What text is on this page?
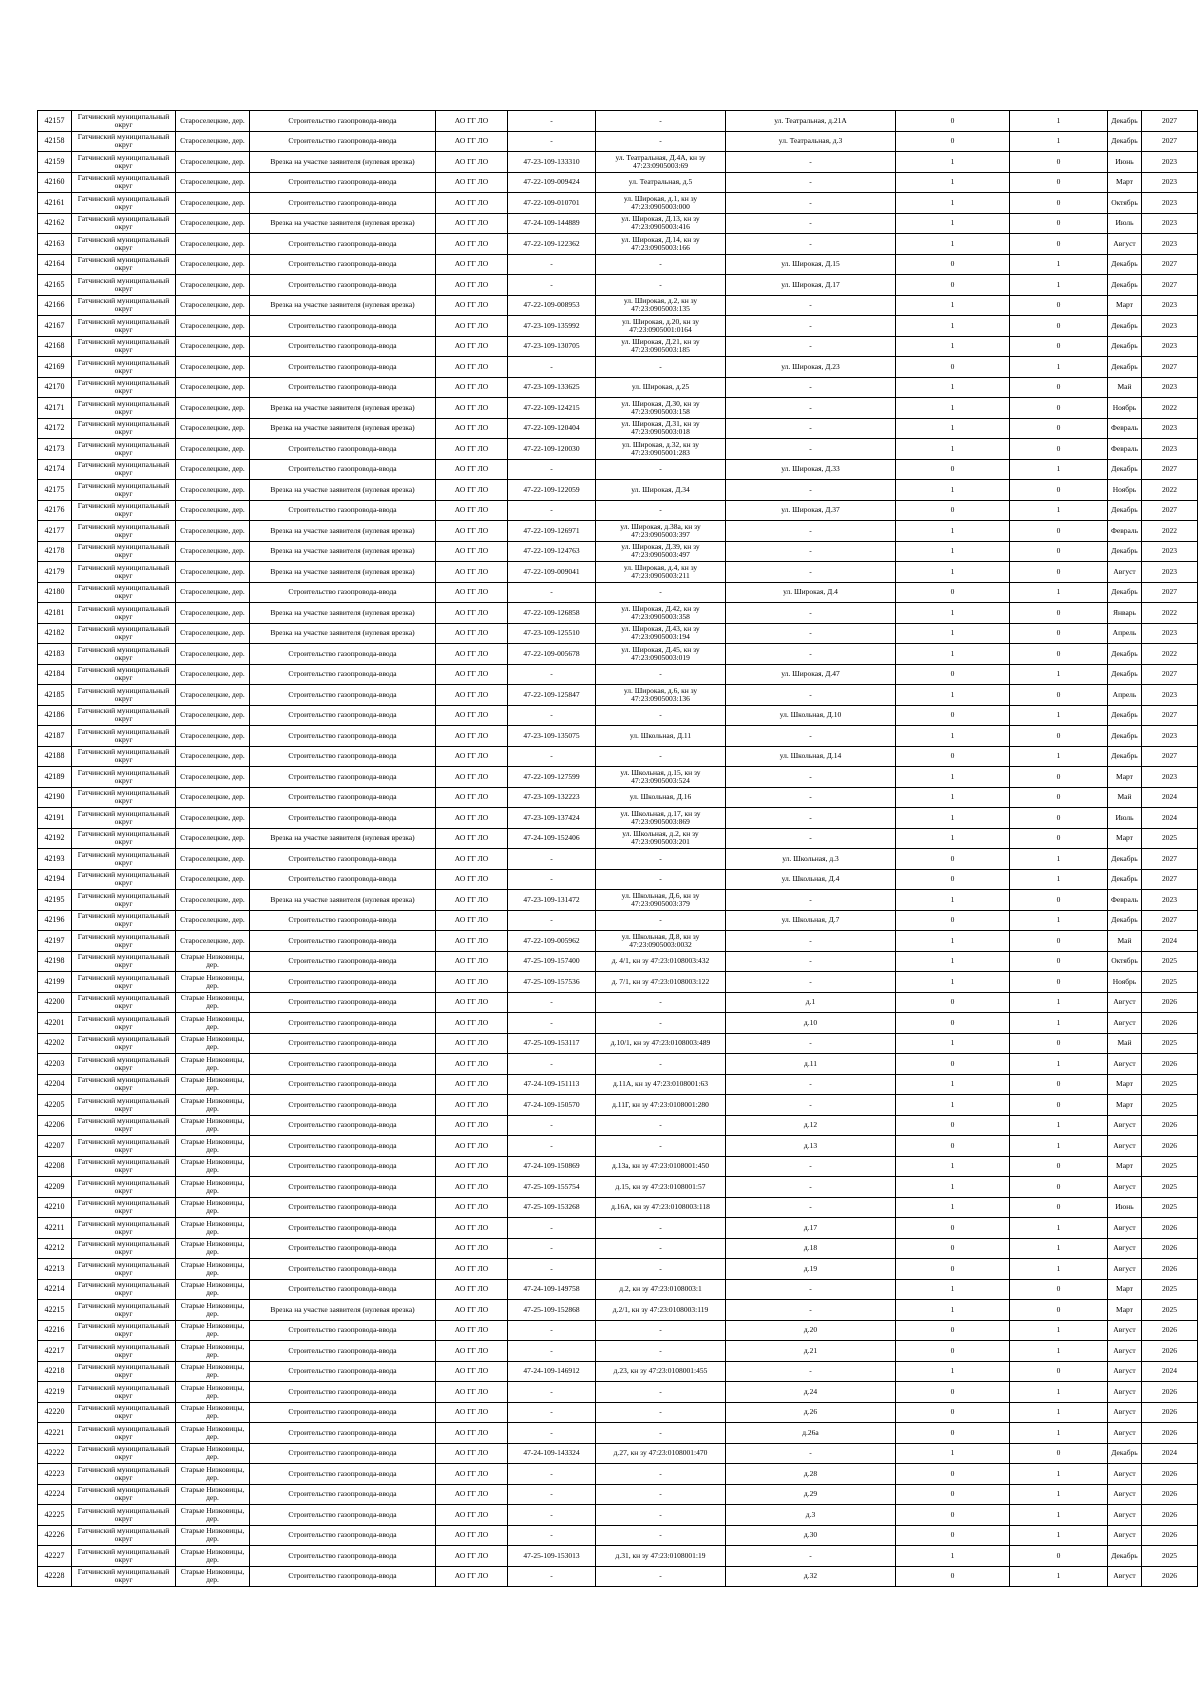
42157	Гатчинский муниципальный округ	Староселецкие, дер.	Строительство газопровода-ввода	АО ГГ ЛО	-	-	ул. Театральная, д.21А	0	1	Декабрь	2027
42158	Гатчинский муниципальный округ	Староселецкие, дер.	Строительство газопровода-ввода	АО ГГ ЛО	-	-	ул. Театральная, д.3	0	1	Декабрь	2027
42159	Гатчинский муниципальный округ	Староселецкие, дер.	Врезка на участке заявителя (нулевая врезка)	АО ГГ ЛО	47-23-109-133310	ул. Театральная, Д.4А, кн зу 47:23:0905003:69	-	1	0	Июнь	2023
42160	Гатчинский муниципальный округ	Староселецкие, дер.	Строительство газопровода-ввода	АО ГГ ЛО	47-22-109-009424	ул. Театральная, д.5	-	1	0	Март	2023
42161	Гатчинский муниципальный округ	Староселецкие, дер.	Строительство газопровода-ввода	АО ГГ ЛО	47-22-109-010701	ул. Широкая, д.1, кн зу 47:23:0905003:000	-	1	0	Октябрь	2023
42162	Гатчинский муниципальный округ	Староселецкие, дер.	Врезка на участке заявителя (нулевая врезка)	АО ГГ ЛО	47-24-109-144889	ул. Широкая, Д.13, кн зу 47:23:0905003:416	-	1	0	Июль	2023
42163	Гатчинский муниципальный округ	Староселецкие, дер.	Строительство газопровода-ввода	АО ГГ ЛО	47-22-109-122362	ул. Широкая, Д.14, кн зу 47:23:0905003:166	-	1	0	Август	2023
42164	Гатчинский муниципальный округ	Староселецкие, дер.	Строительство газопровода-ввода	АО ГГ ЛО	-	-	ул. Широкая, Д.15	0	1	Декабрь	2027
42165	Гатчинский муниципальный округ	Староселецкие, дер.	Строительство газопровода-ввода	АО ГГ ЛО	-	-	ул. Широкая, Д.17	0	1	Декабрь	2027
42166	Гатчинский муниципальный округ	Староселецкие, дер.	Врезка на участке заявителя (нулевая врезка)	АО ГГ ЛО	47-22-109-008953	ул. Широкая, д.2, кн зу 47:23:0905003:135	-	1	0	Март	2023
42167	Гатчинский муниципальный округ	Староселецкие, дер.	Строительство газопровода-ввода	АО ГГ ЛО	47-23-109-135992	ул. Широкая, д.20, кн зу 47:23:0905001:0164	-	1	0	Декабрь	2023
42168	Гатчинский муниципальный округ	Староселецкие, дер.	Строительство газопровода-ввода	АО ГГ ЛО	47-23-109-130705	ул. Широкая, Д.21, кн зу 47:23:0905003:185	-	1	0	Декабрь	2023
42169	Гатчинский муниципальный округ	Староселецкие, дер.	Строительство газопровода-ввода	АО ГГ ЛО	-	-	ул. Широкая, Д.23	0	1	Декабрь	2027
42170	Гатчинский муниципальный округ	Староселецкие, дер.	Строительство газопровода-ввода	АО ГГ ЛО	47-23-109-133625	ул. Широкая, д.25	-	1	0	Май	2023
42171	Гатчинский муниципальный округ	Староселецкие, дер.	Врезка на участке заявителя (нулевая врезка)	АО ГГ ЛО	47-22-109-124215	ул. Широкая, Д.30, кн зу 47:23:0905003:158	-	1	0	Ноябрь	2022
42172	Гатчинский муниципальный округ	Староселецкие, дер.	Врезка на участке заявителя (нулевая врезка)	АО ГГ ЛО	47-22-109-120404	ул. Широкая, Д.31, кн зу 47:23:0905003:018	-	1	0	Февраль	2023
42173	Гатчинский муниципальный округ	Староселецкие, дер.	Строительство газопровода-ввода	АО ГГ ЛО	47-22-109-120030	ул. Широкая, д.32, кн зу 47:23:0905001:283	-	1	0	Февраль	2023
42174	Гатчинский муниципальный округ	Староселецкие, дер.	Строительство газопровода-ввода	АО ГГ ЛО	-	-	ул. Широкая, Д.33	0	1	Декабрь	2027
42175	Гатчинский муниципальный округ	Староселецкие, дер.	Врезка на участке заявителя (нулевая врезка)	АО ГГ ЛО	47-22-109-122059	ул. Широкая, Д.34	-	1	0	Ноябрь	2022
42176	Гатчинский муниципальный округ	Староселецкие, дер.	Строительство газопровода-ввода	АО ГГ ЛО	-	-	ул. Широкая, Д.37	0	1	Декабрь	2027
42177	Гатчинский муниципальный округ	Староселецкие, дер.	Врезка на участке заявителя (нулевая врезка)	АО ГГ ЛО	47-22-109-126971	ул. Широкая, д.38а, кн зу 47:23:0905003:397	-	1	0	Февраль	2022
42178	Гатчинский муниципальный округ	Староселецкие, дер.	Врезка на участке заявителя (нулевая врезка)	АО ГГ ЛО	47-22-109-124763	ул. Широкая, Д.39, кн зу 47:23:0905003:497	-	1	0	Декабрь	2023
42179	Гатчинский муниципальный округ	Староселецкие, дер.	Врезка на участке заявителя (нулевая врезка)	АО ГГ ЛО	47-22-109-009041	ул. Широкая, д.4, кн зу 47:23:0905003:211	-	1	0	Август	2023
42180	Гатчинский муниципальный округ	Староселецкие, дер.	Строительство газопровода-ввода	АО ГГ ЛО	-	-	ул. Широкая, Д.4	0	1	Декабрь	2027
42181	Гатчинский муниципальный округ	Староселецкие, дер.	Врезка на участке заявителя (нулевая врезка)	АО ГГ ЛО	47-22-109-126858	ул. Широкая, Д.42, кн зу 47:23:0905003:358	-	1	0	Январь	2022
42182	Гатчинский муниципальный округ	Староселецкие, дер.	Врезка на участке заявителя (нулевая врезка)	АО ГГ ЛО	47-23-109-125510	ул. Широкая, Д.43, кн зу 47:23:0905003:194	-	1	0	Апрель	2023
42183	Гатчинский муниципальный округ	Староселецкие, дер.	Строительство газопровода-ввода	АО ГГ ЛО	47-22-109-005678	ул. Широкая, Д.45, кн зу 47:23:0905003:019	-	1	0	Декабрь	2022
42184	Гатчинский муниципальный округ	Староселецкие, дер.	Строительство газопровода-ввода	АО ГГ ЛО	-	-	ул. Широкая, Д.47	0	1	Декабрь	2027
42185	Гатчинский муниципальный округ	Староселецкие, дер.	Строительство газопровода-ввода	АО ГГ ЛО	47-22-109-125847	ул. Широкая, д.6, кн зу 47:23:0905003:136	-	1	0	Апрель	2023
42186	Гатчинский муниципальный округ	Староселецкие, дер.	Строительство газопровода-ввода	АО ГГ ЛО	-	-	ул. Школьная, Д.10	0	1	Декабрь	2027
42187	Гатчинский муниципальный округ	Староселецкие, дер.	Строительство газопровода-ввода	АО ГГ ЛО	47-23-109-135075	ул. Школьная, Д.11	-	1	0	Декабрь	2023
42188	Гатчинский муниципальный округ	Староселецкие, дер.	Строительство газопровода-ввода	АО ГГ ЛО	-	-	ул. Школьная, Д.14	0	1	Декабрь	2027
42189	Гатчинский муниципальный округ	Староселецкие, дер.	Строительство газопровода-ввода	АО ГГ ЛО	47-22-109-127599	ул. Школьная, д.15, кн зу 47:23:0905003:524	-	1	0	Март	2023
42190	Гатчинский муниципальный округ	Староселецкие, дер.	Строительство газопровода-ввода	АО ГГ ЛО	47-23-109-132223	ул. Школьная, Д.16	-	1	0	Май	2024
42191	Гатчинский муниципальный округ	Староселецкие, дер.	Строительство газопровода-ввода	АО ГГ ЛО	47-23-109-137424	ул. Школьная, д.17, кн зу 47:23:0905003:869	-	1	0	Июль	2024
42192	Гатчинский муниципальный округ	Староселецкие, дер.	Врезка на участке заявителя (нулевая врезка)	АО ГГ ЛО	47-24-109-152406	ул. Школьная, д.2, кн зу 47:23:0905003:201	-	1	0	Март	2025
42193	Гатчинский муниципальный округ	Староселецкие, дер.	Строительство газопровода-ввода	АО ГГ ЛО	-	-	ул. Школьная, д.3	0	1	Декабрь	2027
42194	Гатчинский муниципальный округ	Староселецкие, дер.	Строительство газопровода-ввода	АО ГГ ЛО	-	-	ул. Школьная, Д.4	0	1	Декабрь	2027
42195	Гатчинский муниципальный округ	Староселецкие, дер.	Врезка на участке заявителя (нулевая врезка)	АО ГГ ЛО	47-23-109-131472	ул. Школьная, Д.6, кн зу 47:23:0905003:379	-	1	0	Февраль	2023
42196	Гатчинский муниципальный округ	Староселецкие, дер.	Строительство газопровода-ввода	АО ГГ ЛО	-	-	ул. Школьная, Д.7	0	1	Декабрь	2027
42197	Гатчинский муниципальный округ	Староселецкие, дер.	Строительство газопровода-ввода	АО ГГ ЛО	47-22-109-005962	ул. Школьная, Д.8, кн зу 47:23:0905003:0032	-	1	0	Май	2024
42198	Гатчинский муниципальный округ	Старые Низковицы, дер.	Строительство газопровода-ввода	АО ГГ ЛО	47-25-109-157400	д. 4/1, кн зу 47:23:0108003:432	-	1	0	Октябрь	2025
42199	Гатчинский муниципальный округ	Старые Низковицы, дер.	Строительство газопровода-ввода	АО ГГ ЛО	47-25-109-157536	д. 7/1, кн зу 47:23:0108003:122	-	1	0	Ноябрь	2025
42200	Гатчинский муниципальный округ	Старые Низковицы, дер.	Строительство газопровода-ввода	АО ГГ ЛО	-	-	д.1	0	1	Август	2026
42201	Гатчинский муниципальный округ	Старые Низковицы, дер.	Строительство газопровода-ввода	АО ГГ ЛО	-	-	д.10	0	1	Август	2026
42202	Гатчинский муниципальный округ	Старые Низковицы, дер.	Строительство газопровода-ввода	АО ГГ ЛО	47-25-109-153117	д.10/1, кн зу 47:23:0108003:489	-	1	0	Май	2025
42203	Гатчинский муниципальный округ	Старые Низковицы, дер.	Строительство газопровода-ввода	АО ГГ ЛО	-	-	д.11	0	1	Август	2026
42204	Гатчинский муниципальный округ	Старые Низковицы, дер.	Строительство газопровода-ввода	АО ГГ ЛО	47-24-109-151113	д.11А, кн зу 47:23:0108001:63	-	1	0	Март	2025
42205	Гатчинский муниципальный округ	Старые Низковицы, дер.	Строительство газопровода-ввода	АО ГГ ЛО	47-24-109-150570	д.11Г, кн зу 47:23:0108001:280	-	1	0	Март	2025
42206	Гатчинский муниципальный округ	Старые Низковицы, дер.	Строительство газопровода-ввода	АО ГГ ЛО	-	-	д.12	0	1	Август	2026
42207	Гатчинский муниципальный округ	Старые Низковицы, дер.	Строительство газопровода-ввода	АО ГГ ЛО	-	-	д.13	0	1	Август	2026
42208	Гатчинский муниципальный округ	Старые Низковицы, дер.	Строительство газопровода-ввода	АО ГГ ЛО	47-24-109-150869	д.13а, кн зу 47:23:0108001:450	-	1	0	Март	2025
42209	Гатчинский муниципальный округ	Старые Низковицы, дер.	Строительство газопровода-ввода	АО ГГ ЛО	47-25-109-155754	д.15, кн зу 47:23:0108001:57	-	1	0	Август	2025
42210	Гатчинский муниципальный округ	Старые Низковицы, дер.	Строительство газопровода-ввода	АО ГГ ЛО	47-25-109-153268	д.16А, кн зу 47:23:0108003:118	-	1	0	Июнь	2025
42211	Гатчинский муниципальный округ	Старые Низковицы, дер.	Строительство газопровода-ввода	АО ГГ ЛО	-	-	д.17	0	1	Август	2026
42212	Гатчинский муниципальный округ	Старые Низковицы, дер.	Строительство газопровода-ввода	АО ГГ ЛО	-	-	д.18	0	1	Август	2026
42213	Гатчинский муниципальный округ	Старые Низковицы, дер.	Строительство газопровода-ввода	АО ГГ ЛО	-	-	д.19	0	1	Август	2026
42214	Гатчинский муниципальный округ	Старые Низковицы, дер.	Строительство газопровода-ввода	АО ГГ ЛО	47-24-109-149758	д.2, кн зу 47:23:0108003:1	-	1	0	Март	2025
42215	Гатчинский муниципальный округ	Старые Низковицы, дер.	Врезка на участке заявителя (нулевая врезка)	АО ГГ ЛО	47-25-109-152868	д.2/1, кн зу 47:23:0108003:119	-	1	0	Март	2025
42216	Гатчинский муниципальный округ	Старые Низковицы, дер.	Строительство газопровода-ввода	АО ГГ ЛО	-	-	д.20	0	1	Август	2026
42217	Гатчинский муниципальный округ	Старые Низковицы, дер.	Строительство газопровода-ввода	АО ГГ ЛО	-	-	д.21	0	1	Август	2026
42218	Гатчинский муниципальный округ	Старые Низковицы, дер.	Строительство газопровода-ввода	АО ГГ ЛО	47-24-109-146912	д.23, кн зу 47:23:0108001:455	-	1	0	Август	2024
42219	Гатчинский муниципальный округ	Старые Низковицы, дер.	Строительство газопровода-ввода	АО ГГ ЛО	-	-	д.24	0	1	Август	2026
42220	Гатчинский муниципальный округ	Старые Низковицы, дер.	Строительство газопровода-ввода	АО ГГ ЛО	-	-	д.26	0	1	Август	2026
42221	Гатчинский муниципальный округ	Старые Низковицы, дер.	Строительство газопровода-ввода	АО ГГ ЛО	-	-	д.26а	0	1	Август	2026
42222	Гатчинский муниципальный округ	Старые Низковицы, дер.	Строительство газопровода-ввода	АО ГГ ЛО	47-24-109-143324	д.27, кн зу 47:23:0108001:470	-	1	0	Декабрь	2024
42223	Гатчинский муниципальный округ	Старые Низковицы, дер.	Строительство газопровода-ввода	АО ГГ ЛО	-	-	д.28	0	1	Август	2026
42224	Гатчинский муниципальный округ	Старые Низковицы, дер.	Строительство газопровода-ввода	АО ГГ ЛО	-	-	д.29	0	1	Август	2026
42225	Гатчинский муниципальный округ	Старые Низковицы, дер.	Строительство газопровода-ввода	АО ГГ ЛО	-	-	д.3	0	1	Август	2026
42226	Гатчинский муниципальный округ	Старые Низковицы, дер.	Строительство газопровода-ввода	АО ГГ ЛО	-	-	д.30	0	1	Август	2026
42227	Гатчинский муниципальный округ	Старые Низковицы, дер.	Строительство газопровода-ввода	АО ГГ ЛО	47-25-109-153013	д.31, кн зу 47:23:0108001:19	-	1	0	Декабрь	2025
42228	Гатчинский муниципальный округ	Старые Низковицы, дер.	Строительство газопровода-ввода	АО ГГ ЛО	-	-	д.32	0	1	Август	2026
